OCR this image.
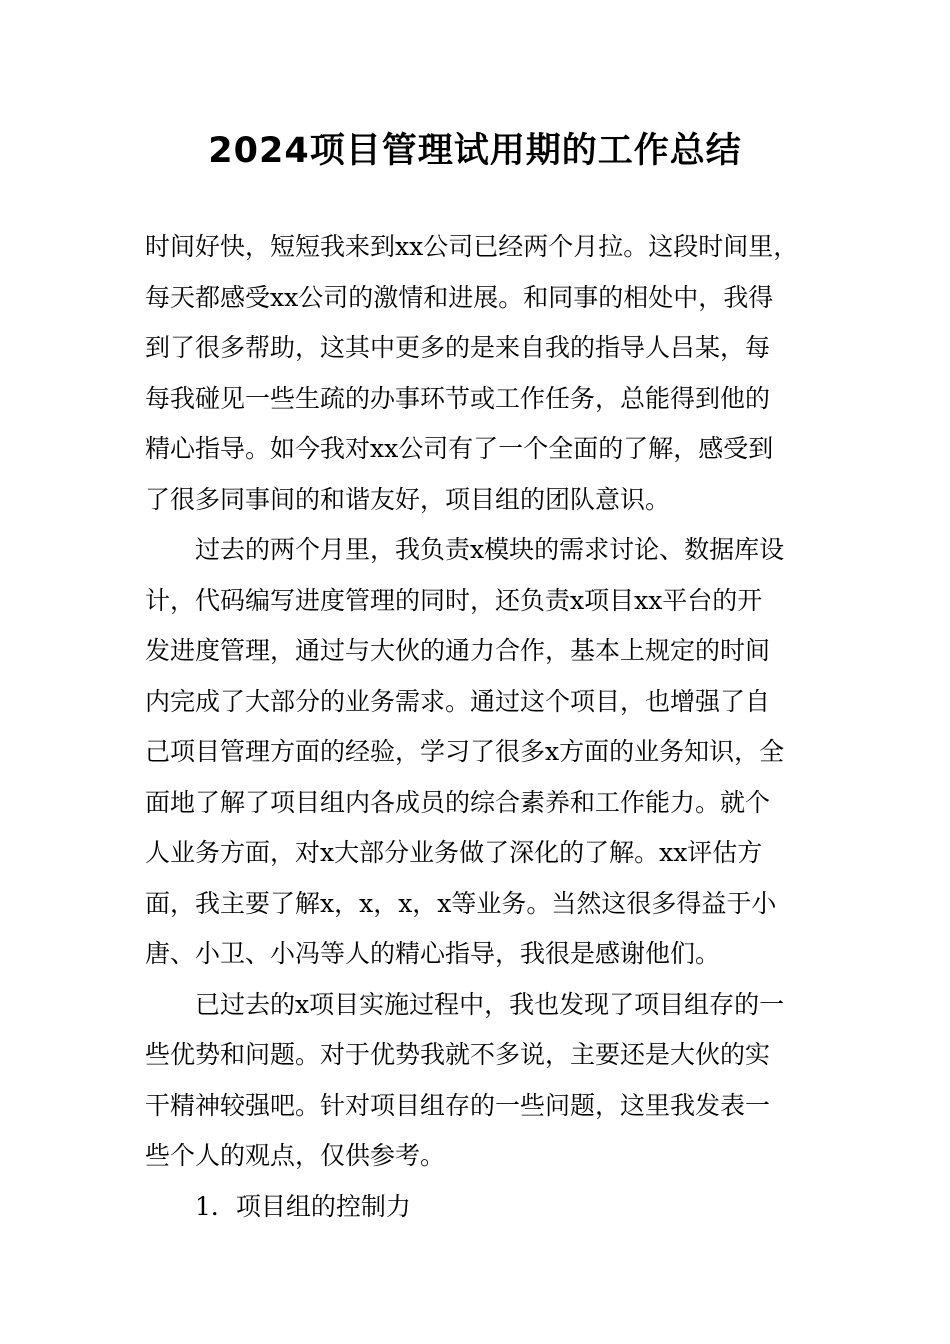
2024项目管理试用期的工作总结
时间好快，短短我来到xx公司已经两个月拉。这段时间里，
每天都感受xx公司的激情和进展。和同事的相处中，我得
到了很多帮助，这其中更多的是来自我的指导人吕某，每
每我碰见一些生疏的办事环节或工作任务，总能得到他的
精心指导。如今我对xx公司有了一个全面的了解，感受到
了很多同事间的和谐友好，项目组的团队意识。
过去的两个月里，我负责x模块的需求讨论、数据库设
计，代码编写进度管理的同时，还负责x项目xx平台的开
发进度管理，通过与大伙的通力合作，基本上规定的时间
内完成了大部分的业务需求。通过这个项目，也增强了自
己项目管理方面的经验，学习了很多x方面的业务知识，全
面地了解了项目组内各成员的综合素养和工作能力。就个
人业务方面，对x大部分业务做了深化的了解。xx评估方
面，我主要了解x，x，x，x等业务。当然这很多得益于小
唐、小卫、小冯等人的精心指导，我很是感谢他们。
已过去的x项目实施过程中，我也发现了项目组存的一
些优势和问题。对于优势我就不多说，主要还是大伙的实
干精神较强吧。针对项目组存的一些问题，这里我发表一
些个人的观点，仅供参考。
1．项目组的控制力
